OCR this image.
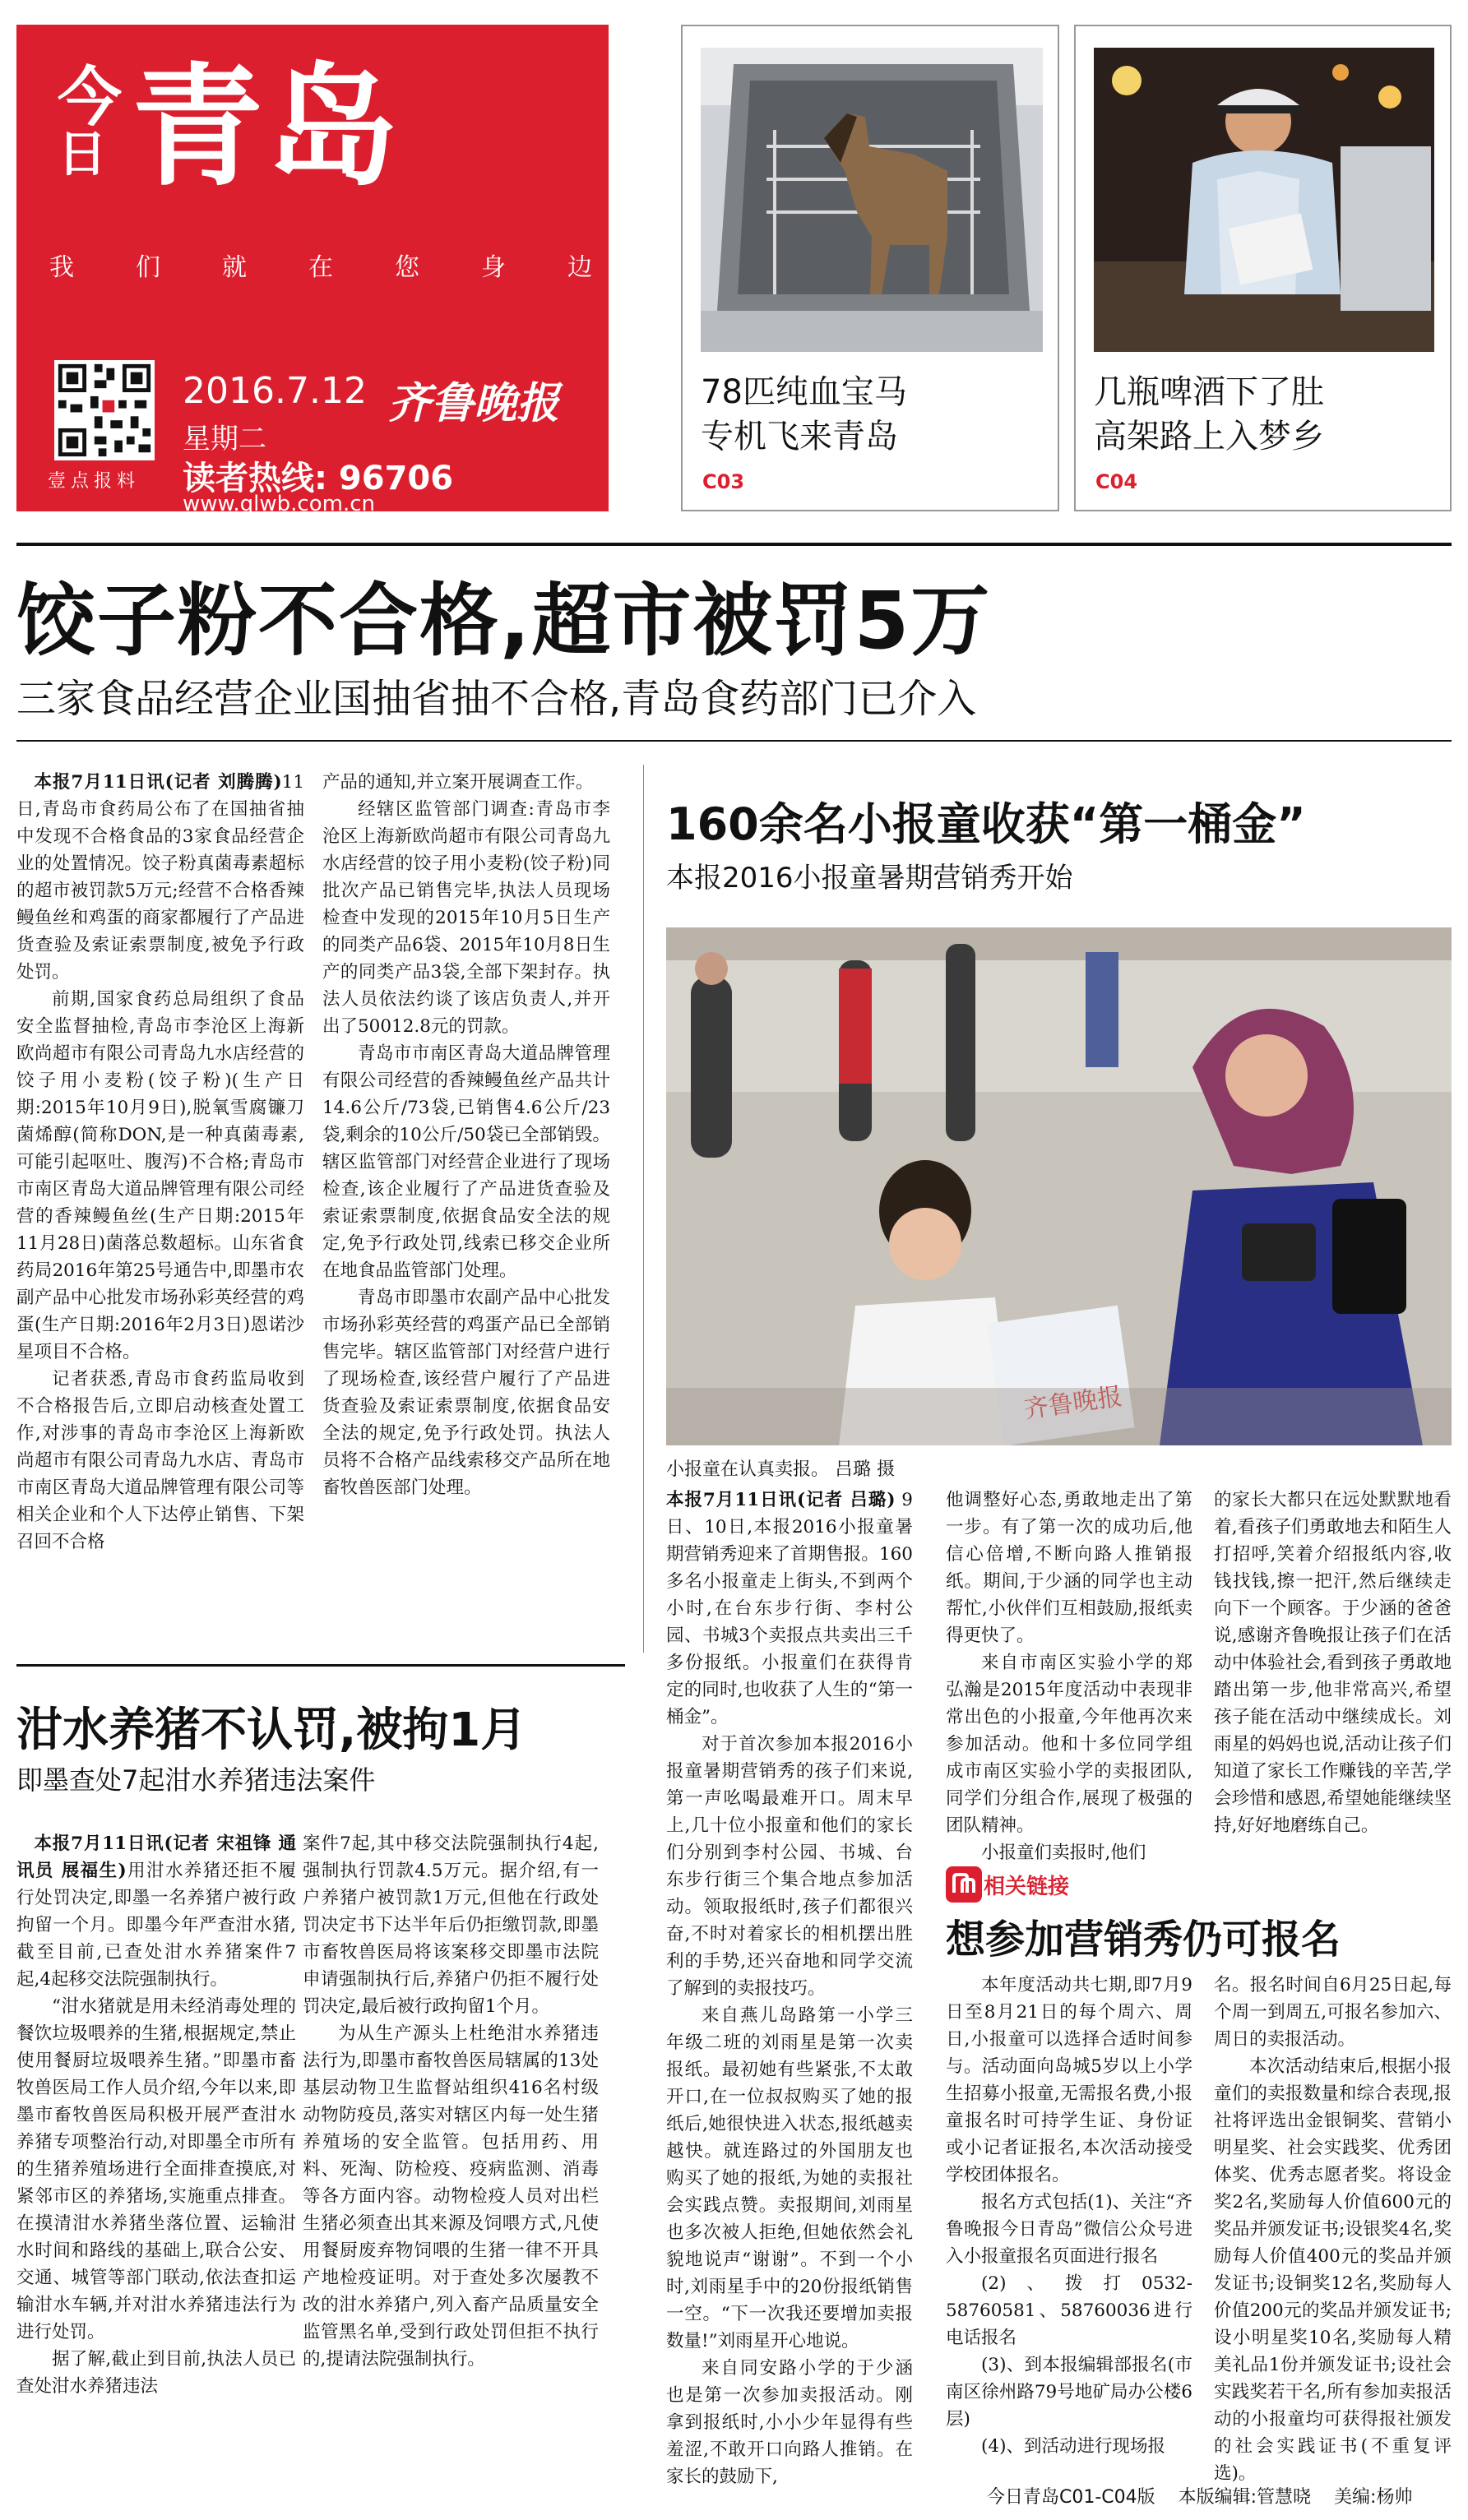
今
日 青岛
我	们	就	在	您	身	边
壹点报料
2016.7.12 齐鲁晚报
星期二
读者热线: 96706
www.qlwb.com.cn
78匹纯血宝马
专机飞来青岛
C03
几瓶啤酒下了肚
高架路上入梦乡
C04
饺子粉不合格,超市被罚5万
三家食品经营企业国抽省抽不合格,青岛食药部门已介入

本报7月11日讯(记者 刘腾腾)11日,青岛市食药局公布了在国抽省抽中发现不合格食品的3家食品经营企业的处置情况。饺子粉真菌毒素超标的超市被罚款5万元;经营不合格香辣鳗鱼丝和鸡蛋的商家都履行了产品进货查验及索证索票制度,被免予行政处罚。

前期,国家食药总局组织了食品安全监督抽检,青岛市李沧区上海新欧尚超市有限公司青岛九水店经营的饺子用小麦粉(饺子粉)(生产日期:2015年10月9日),脱氧雪腐镰刀菌烯醇(简称DON,是一种真菌毒素,可能引起呕吐、腹泻)不合格;青岛市市南区青岛大道品牌管理有限公司经营的香辣鳗鱼丝(生产日期:2015年11月28日)菌落总数超标。山东省食药局2016年第25号通告中,即墨市农副产品中心批发市场孙彩英经营的鸡蛋(生产日期:2016年2月3日)恩诺沙星项目不合格。

记者获悉,青岛市食药监局收到不合格报告后,立即启动核查处置工作,对涉事的青岛市李沧区上海新欧尚超市有限公司青岛九水店、青岛市市南区青岛大道品牌管理有限公司等相关企业和个人下达停止销售、下架召回不合格

产品的通知,并立案开展调查工作。

经辖区监管部门调查:青岛市李沧区上海新欧尚超市有限公司青岛九水店经营的饺子用小麦粉(饺子粉)同批次产品已销售完毕,执法人员现场检查中发现的2015年10月5日生产的同类产品6袋、2015年10月8日生产的同类产品3袋,全部下架封存。执法人员依法约谈了该店负责人,并开出了50012.8元的罚款。

青岛市市南区青岛大道品牌管理有限公司经营的香辣鳗鱼丝产品共计14.6公斤/73袋,已销售4.6公斤/23袋,剩余的10公斤/50袋已全部销毁。辖区监管部门对经营企业进行了现场检查,该企业履行了产品进货查验及索证索票制度,依据食品安全法的规定,免予行政处罚,线索已移交企业所在地食品监管部门处理。

青岛市即墨市农副产品中心批发市场孙彩英经营的鸡蛋产品已全部销售完毕。辖区监管部门对经营户进行了现场检查,该经营户履行了产品进货查验及索证索票制度,依据食品安全法的规定,免予行政处罚。执法人员将不合格产品线索移交产品所在地畜牧兽医部门处理。

泔水养猪不认罚,被拘1月
即墨查处7起泔水养猪违法案件

本报7月11日讯(记者 宋祖锋 通讯员 展福生)用泔水养猪还拒不履行处罚决定,即墨一名养猪户被行政拘留一个月。即墨今年严查泔水猪,截至目前,已查处泔水养猪案件7起,4起移交法院强制执行。

“泔水猪就是用未经消毒处理的餐饮垃圾喂养的生猪,根据规定,禁止使用餐厨垃圾喂养生猪。”即墨市畜牧兽医局工作人员介绍,今年以来,即墨市畜牧兽医局积极开展严查泔水养猪专项整治行动,对即墨全市所有的生猪养殖场进行全面排查摸底,对紧邻市区的养猪场,实施重点排查。在摸清泔水养猪坐落位置、运输泔水时间和路线的基础上,联合公安、交通、城管等部门联动,依法查扣运输泔水车辆,并对泔水养猪违法行为进行处罚。

据了解,截止到目前,执法人员已查处泔水养猪违法

案件7起,其中移交法院强制执行4起,强制执行罚款4.5万元。据介绍,有一户养猪户被罚款1万元,但他在行政处罚决定书下达半年后仍拒缴罚款,即墨市畜牧兽医局将该案移交即墨市法院申请强制执行后,养猪户仍拒不履行处罚决定,最后被行政拘留1个月。

为从生产源头上杜绝泔水养猪违法行为,即墨市畜牧兽医局辖属的13处基层动物卫生监督站组织416名村级动物防疫员,落实对辖区内每一处生猪养殖场的安全监管。包括用药、用料、死淘、防检疫、疫病监测、消毒等各方面内容。动物检疫人员对出栏生猪必须查出其来源及饲喂方式,凡使用餐厨废弃物饲喂的生猪一律不开具产地检疫证明。对于查处多次屡教不改的泔水养猪户,列入畜产品质量安全监管黑名单,受到行政处罚但拒不执行的,提请法院强制执行。

160余名小报童收获“第一桶金”
本报2016小报童暑期营销秀开始
齐鲁晚报
小报童在认真卖报。 吕璐 摄

本报7月11日讯(记者 吕璐) 9日、10日,本报2016小报童暑期营销秀迎来了首期售报。160多名小报童走上街头,不到两个小时,在台东步行街、李村公园、书城3个卖报点共卖出三千多份报纸。小报童们在获得肯定的同时,也收获了人生的“第一桶金”。

对于首次参加本报2016小报童暑期营销秀的孩子们来说,第一声吆喝最难开口。周末早上,几十位小报童和他们的家长们分别到李村公园、书城、台东步行街三个集合地点参加活动。领取报纸时,孩子们都很兴奋,不时对着家长的相机摆出胜利的手势,还兴奋地和同学交流了解到的卖报技巧。

来自燕儿岛路第一小学三年级二班的刘雨星是第一次卖报纸。最初她有些紧张,不太敢开口,在一位叔叔购买了她的报纸后,她很快进入状态,报纸越卖越快。就连路过的外国朋友也购买了她的报纸,为她的卖报社会实践点赞。卖报期间,刘雨星也多次被人拒绝,但她依然会礼貌地说声“谢谢”。不到一个小时,刘雨星手中的20份报纸销售一空。“下一次我还要增加卖报数量!”刘雨星开心地说。

来自同安路小学的于少涵也是第一次参加卖报活动。刚拿到报纸时,小小少年显得有些羞涩,不敢开口向路人推销。在家长的鼓励下,

他调整好心态,勇敢地走出了第一步。有了第一次的成功后,他信心倍增,不断向路人推销报纸。期间,于少涵的同学也主动帮忙,小伙伴们互相鼓励,报纸卖得更快了。

来自市南区实验小学的郑弘瀚是2015年度活动中表现非常出色的小报童,今年他再次来参加活动。他和十多位同学组成市南区实验小学的卖报团队,同学们分组合作,展现了极强的团队精神。

小报童们卖报时,他们

的家长大都只在远处默默地看着,看孩子们勇敢地去和陌生人打招呼,笑着介绍报纸内容,收钱找钱,擦一把汗,然后继续走向下一个顾客。于少涵的爸爸说,感谢齐鲁晚报让孩子们在活动中体验社会,看到孩子勇敢地踏出第一步,他非常高兴,希望孩子能在活动中继续成长。刘雨星的妈妈也说,活动让孩子们知道了家长工作赚钱的辛苦,学会珍惜和感恩,希望她能继续坚持,好好地磨练自己。

相关链接
想参加营销秀仍可报名

本年度活动共七期,即7月9日至8月21日的每个周六、周日,小报童可以选择合适时间参与。活动面向岛城5岁以上小学生招募小报童,无需报名费,小报童报名时可持学生证、身份证或小记者证报名,本次活动接受学校团体报名。

报名方式包括(1)、关注“齐鲁晚报今日青岛”微信公众号进入小报童报名页面进行报名

(2)、拨打0532-58760581、58760036进行电话报名

(3)、到本报编辑部报名(市南区徐州路79号地矿局办公楼6层)

(4)、到活动进行现场报

名。报名时间自6月25日起,每个周一到周五,可报名参加六、周日的卖报活动。

本次活动结束后,根据小报童们的卖报数量和综合表现,报社将评选出金银铜奖、营销小明星奖、社会实践奖、优秀团体奖、优秀志愿者奖。将设金奖2名,奖励每人价值600元的奖品并颁发证书;设银奖4名,奖励每人价值400元的奖品并颁发证书;设铜奖12名,奖励每人价值200元的奖品并颁发证书;设小明星奖10名,奖励每人精美礼品1份并颁发证书;设社会实践奖若干名,所有参加卖报活动的小报童均可获得报社颁发的社会实践证书(不重复评选)。

今日青岛C01-C04版 本版编辑:管慧晓 美编:杨帅
